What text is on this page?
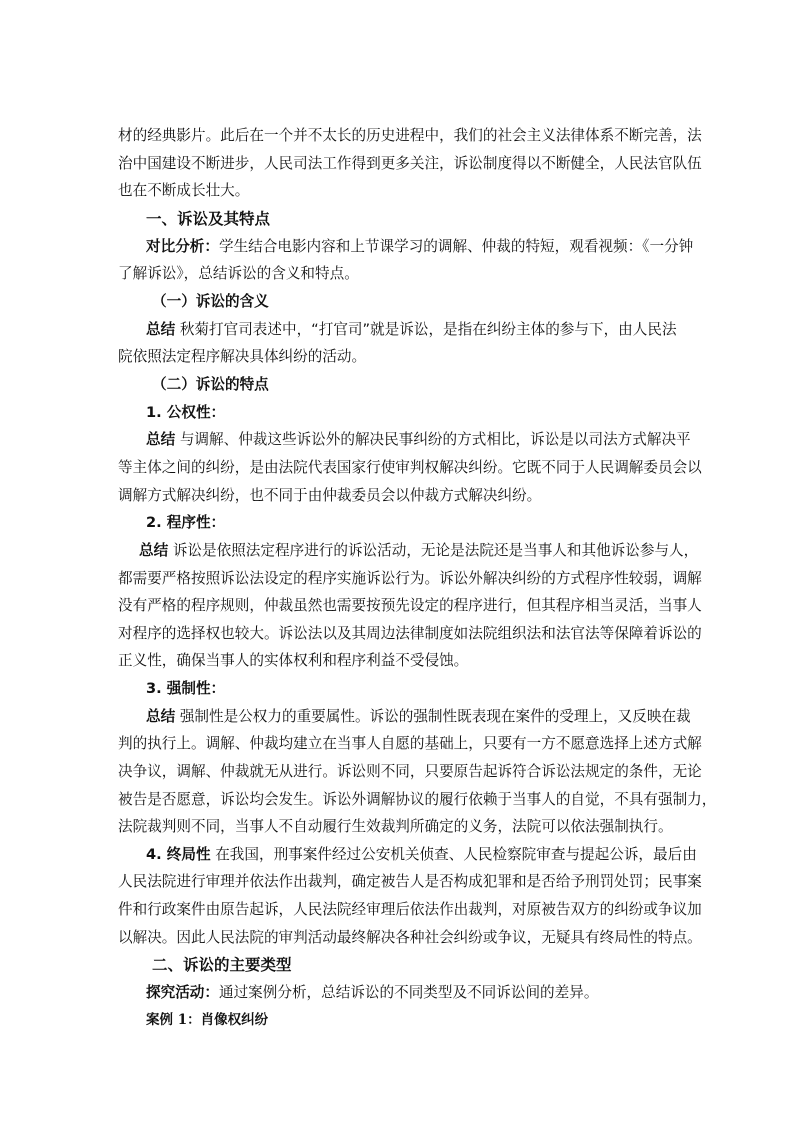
材的经典影片。此后在一个并不太长的历史进程中，我们的社会主义法律体系不断完善，法
治中国建设不断进步，人民司法工作得到更多关注，诉讼制度得以不断健全，人民法官队伍
也在不断成长壮大。
一、诉讼及其特点
对比分析：学生结合电影内容和上节课学习的调解、仲裁的特短，观看视频：《一分钟
了解诉讼》，总结诉讼的含义和特点。
（一）诉讼的含义
总结 秋菊打官司表述中，“打官司”就是诉讼，是指在纠纷主体的参与下，由人民法
院依照法定程序解决具体纠纷的活动。
（二）诉讼的特点
1. 公权性：
总结 与调解、仲裁这些诉讼外的解决民事纠纷的方式相比，诉讼是以司法方式解决平
等主体之间的纠纷，是由法院代表国家行使审判权解决纠纷。它既不同于人民调解委员会以
调解方式解决纠纷，也不同于由仲裁委员会以仲裁方式解决纠纷。
2. 程序性：
总结 诉讼是依照法定程序进行的诉讼活动，无论是法院还是当事人和其他诉讼参与人，
都需要严格按照诉讼法设定的程序实施诉讼行为。诉讼外解决纠纷的方式程序性较弱，调解
没有严格的程序规则，仲裁虽然也需要按预先设定的程序进行，但其程序相当灵活，当事人
对程序的选择权也较大。诉讼法以及其周边法律制度如法院组织法和法官法等保障着诉讼的
正义性，确保当事人的实体权利和程序利益不受侵蚀。
3. 强制性：
总结 强制性是公权力的重要属性。诉讼的强制性既表现在案件的受理上，又反映在裁
判的执行上。调解、仲裁均建立在当事人自愿的基础上，只要有一方不愿意选择上述方式解
决争议，调解、仲裁就无从进行。诉讼则不同，只要原告起诉符合诉讼法规定的条件，无论
被告是否愿意，诉讼均会发生。诉讼外调解协议的履行依赖于当事人的自觉，不具有强制力，
法院裁判则不同，当事人不自动履行生效裁判所确定的义务，法院可以依法强制执行。
4. 终局性 在我国，刑事案件经过公安机关侦查、人民检察院审查与提起公诉，最后由
人民法院进行审理并依法作出裁判，确定被告人是否构成犯罪和是否给予刑罚处罚；民事案
件和行政案件由原告起诉，人民法院经审理后依法作出裁判，对原被告双方的纠纷或争议加
以解决。因此人民法院的审判活动最终解决各种社会纠纷或争议，无疑具有终局性的特点。
二、诉讼的主要类型
探究活动：通过案例分析，总结诉讼的不同类型及不同诉讼间的差异。
案例 1：肖像权纠纷
